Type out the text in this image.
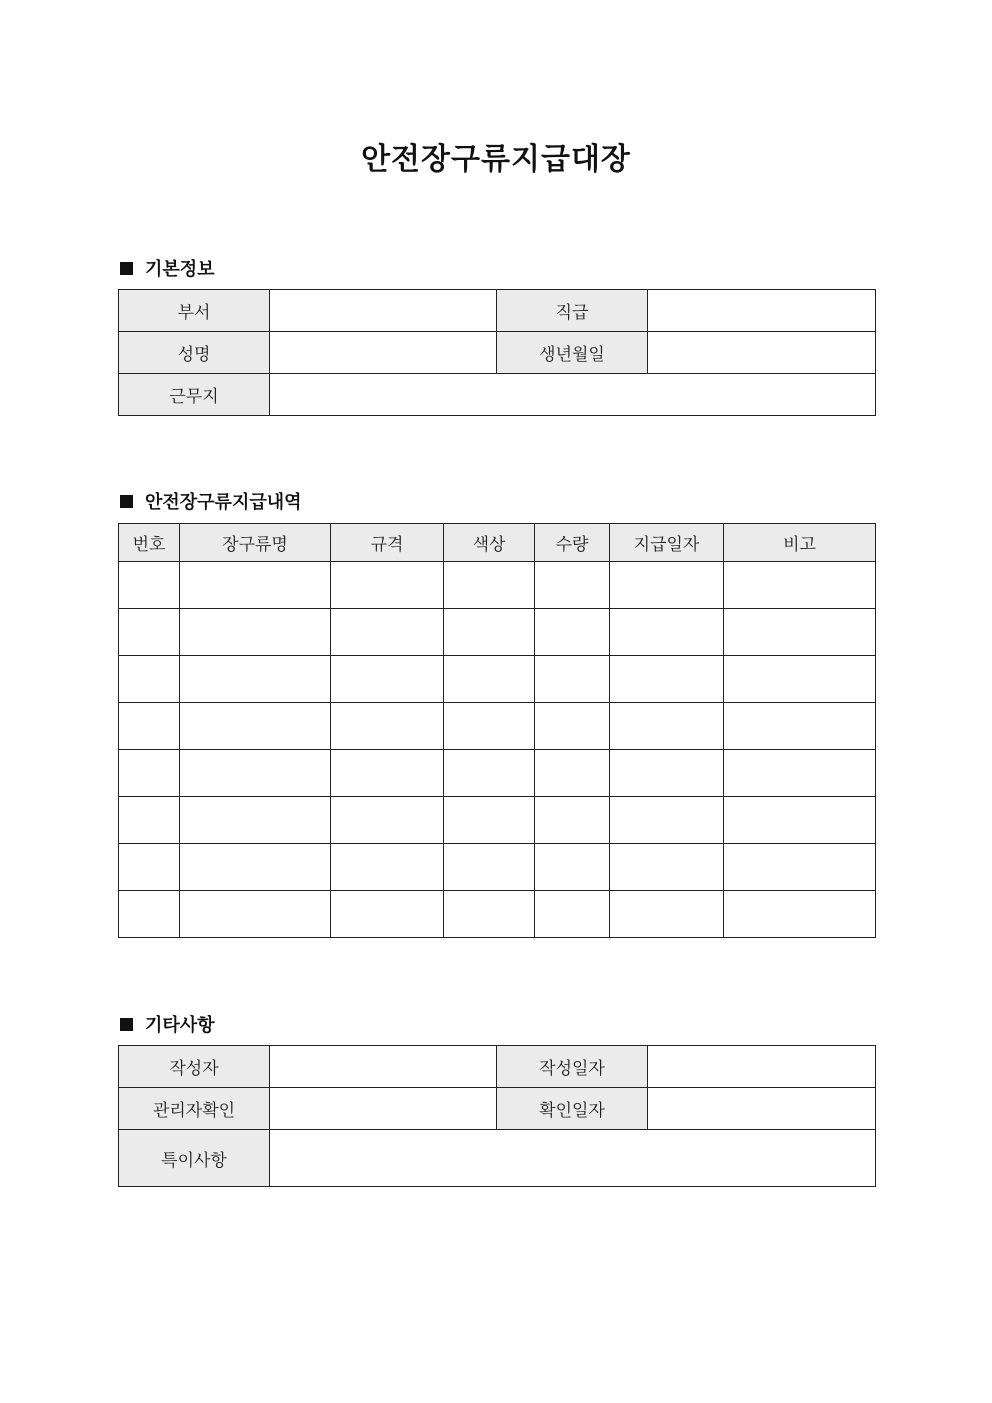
안전장구류지급대장
기본정보
부서		직급	
성명		생년월일	
근무지			
안전장구류지급내역
번호	장구류명	규격	색상	수량	지급일자	비고

기타사항
작성자		작성일자	
관리자확인		확인일자	
특이사항			
